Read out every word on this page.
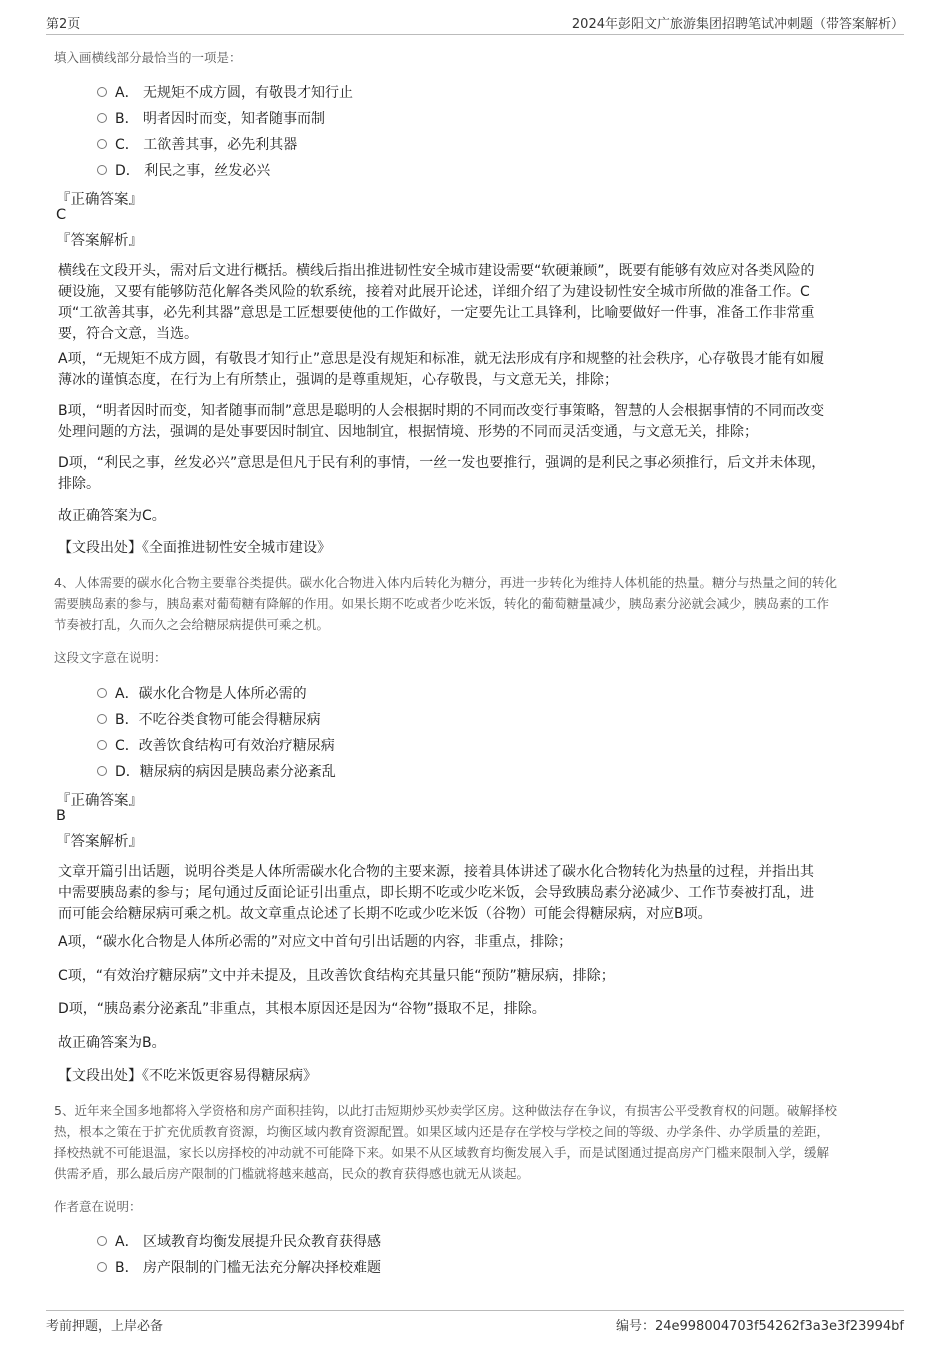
第2页	2024年彭阳文广旅游集团招聘笔试冲刺题（带答案解析）
填入画横线部分最恰当的一项是：
A． 无规矩不成方圆，有敬畏才知行止
B． 明者因时而变，知者随事而制
C． 工欲善其事，必先利其器
D． 利民之事，丝发必兴
『正确答案』
C
『答案解析』
横线在文段开头，需对后文进行概括。横线后指出推进韧性安全城市建设需要“软硬兼顾”，既要有能够有效应对各类风险的
硬设施，又要有能够防范化解各类风险的软系统，接着对此展开论述，详细介绍了为建设韧性安全城市所做的准备工作。C
项“工欲善其事，必先利其器”意思是工匠想要使他的工作做好，一定要先让工具锋利，比喻要做好一件事，准备工作非常重
要，符合文意，当选。
A项，“无规矩不成方圆，有敬畏才知行止”意思是没有规矩和标准，就无法形成有序和规整的社会秩序，心存敬畏才能有如履
薄冰的谨慎态度，在行为上有所禁止，强调的是尊重规矩，心存敬畏，与文意无关，排除；
B项，“明者因时而变，知者随事而制”意思是聪明的人会根据时期的不同而改变行事策略，智慧的人会根据事情的不同而改变
处理问题的方法，强调的是处事要因时制宜、因地制宜，根据情境、形势的不同而灵活变通，与文意无关，排除；
D项，“利民之事，丝发必兴”意思是但凡于民有利的事情，一丝一发也要推行，强调的是利民之事必须推行，后文并未体现，
排除。
故正确答案为C。
【文段出处】《全面推进韧性安全城市建设》
4、人体需要的碳水化合物主要靠谷类提供。碳水化合物进入体内后转化为糖分，再进一步转化为维持人体机能的热量。糖分与热量之间的转化
需要胰岛素的参与，胰岛素对葡萄糖有降解的作用。如果长期不吃或者少吃米饭，转化的葡萄糖量减少，胰岛素分泌就会减少，胰岛素的工作
节奏被打乱，久而久之会给糖尿病提供可乘之机。
这段文字意在说明：
A．碳水化合物是人体所必需的
B．不吃谷类食物可能会得糖尿病
C．改善饮食结构可有效治疗糖尿病
D．糖尿病的病因是胰岛素分泌紊乱
『正确答案』
B
『答案解析』
文章开篇引出话题，说明谷类是人体所需碳水化合物的主要来源，接着具体讲述了碳水化合物转化为热量的过程，并指出其
中需要胰岛素的参与；尾句通过反面论证引出重点，即长期不吃或少吃米饭，会导致胰岛素分泌减少、工作节奏被打乱，进
而可能会给糖尿病可乘之机。故文章重点论述了长期不吃或少吃米饭（谷物）可能会得糖尿病，对应B项。
A项，“碳水化合物是人体所必需的”对应文中首句引出话题的内容，非重点，排除；
C项，“有效治疗糖尿病”文中并未提及，且改善饮食结构充其量只能“预防”糖尿病，排除；
D项，“胰岛素分泌紊乱”非重点，其根本原因还是因为“谷物”摄取不足，排除。
故正确答案为B。
【文段出处】《不吃米饭更容易得糖尿病》
5、近年来全国多地都将入学资格和房产面积挂钩，以此打击短期炒买炒卖学区房。这种做法存在争议，有损害公平受教育权的问题。破解择校
热，根本之策在于扩充优质教育资源，均衡区域内教育资源配置。如果区域内还是存在学校与学校之间的等级、办学条件、办学质量的差距，
择校热就不可能退温，家长以房择校的冲动就不可能降下来。如果不从区域教育均衡发展入手，而是试图通过提高房产门槛来限制入学，缓解
供需矛盾，那么最后房产限制的门槛就将越来越高，民众的教育获得感也就无从谈起。
作者意在说明：
A． 区域教育均衡发展提升民众教育获得感
B． 房产限制的门槛无法充分解决择校难题
考前押题，上岸必备	编号：24e998004703f54262f3a3e3f23994bf
